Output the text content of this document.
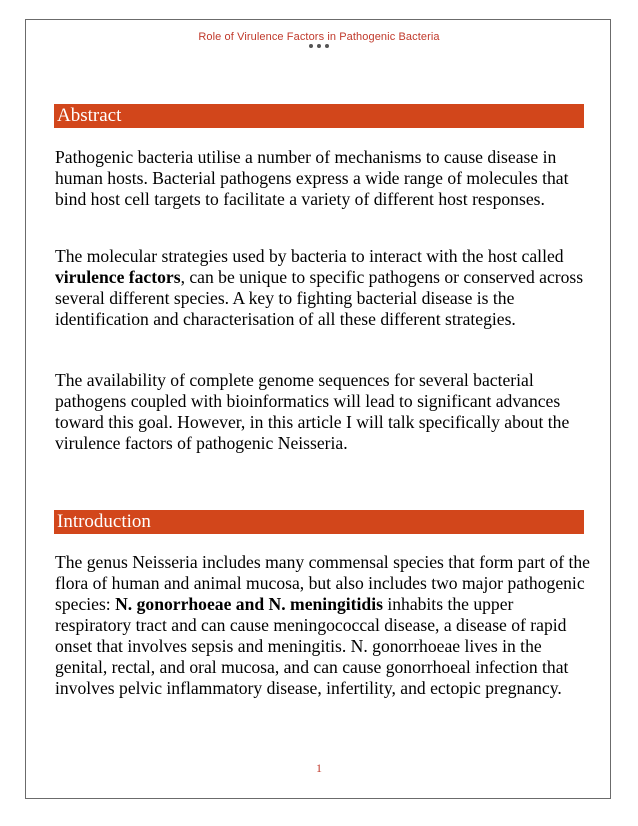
Role of Virulence Factors in Pathogenic Bacteria
Abstract

Pathogenic bacteria utilise a number of mechanisms to cause disease in human hosts. Bacterial pathogens express a wide range of molecules that bind host cell targets to facilitate a variety of different host responses.

The molecular strategies used by bacteria to interact with the host called virulence factors, can be unique to specific pathogens or conserved across several different species. A key to fighting bacterial disease is the identification and characterisation of all these different strategies.

The availability of complete genome sequences for several bacterial pathogens coupled with bioinformatics will lead to significant advances toward this goal. However, in this article I will talk specifically about the virulence factors of pathogenic Neisseria.

Introduction

The genus Neisseria includes many commensal species that form part of the flora of human and animal mucosa, but also includes two major pathogenic species: N. gonorrhoeae and N. meningitidis inhabits the upper respiratory tract and can cause meningococcal disease, a disease of rapid onset that involves sepsis and meningitis. N. gonorrhoeae lives in the genital, rectal, and oral mucosa, and can cause gonorrhoeal infection that involves pelvic inflammatory disease, infertility, and ectopic pregnancy.

1
